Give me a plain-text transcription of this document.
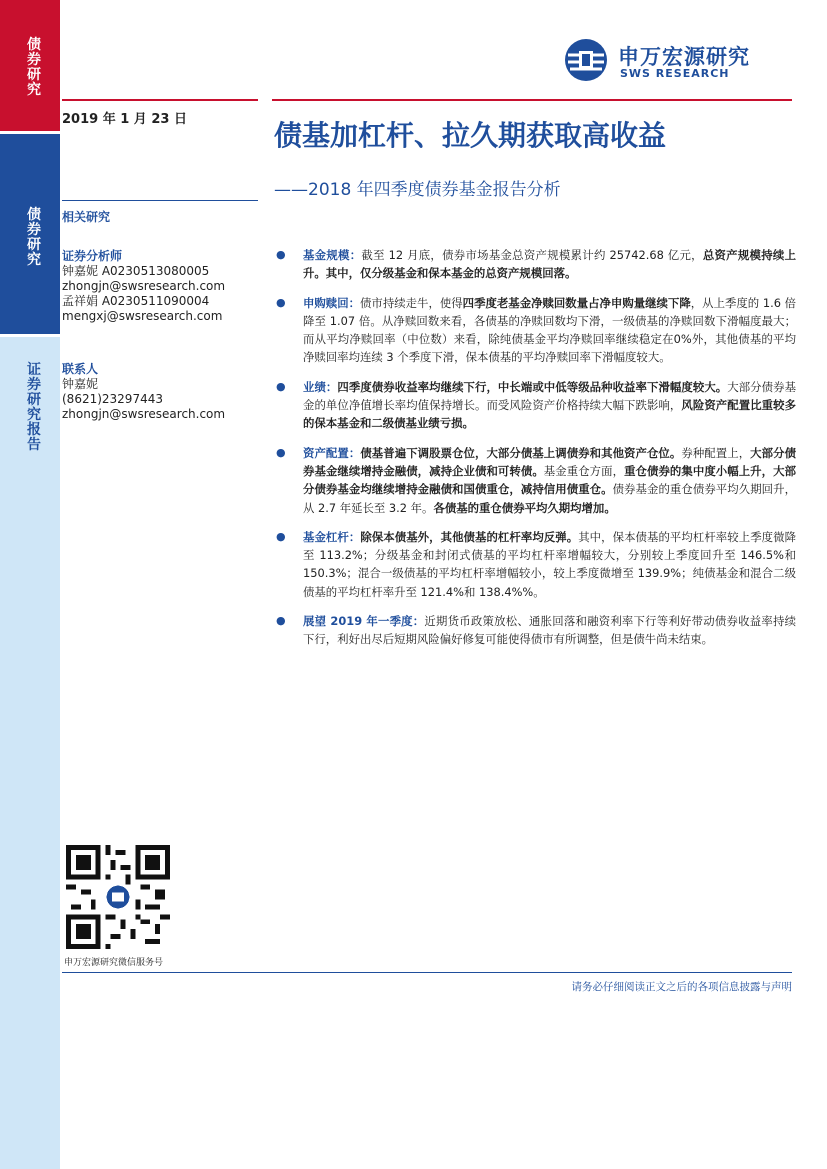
债券研究
债券研究
证券研究报告
申万宏源研究
SWS RESEARCH
2019 年 1 月 23 日	债基加杠杆、拉久期获取高收益
——2018 年四季度债券基金报告分析
相关研究
证券分析师
钟嘉妮 A0230513080005
zhongjn@swsresearch.com
孟祥娟 A0230511090004
mengxj@swsresearch.com
联系人
钟嘉妮
(8621)23297443
zhongjn@swsresearch.com
● 基金规模：截至 12 月底，债券市场基金总资产规模累计约 25742.68 亿元，总资产规模持续上升。其中，仅分级基金和保本基金的总资产规模回落。
● 申购赎回：债市持续走牛，使得四季度老基金净赎回数量占净申购量继续下降，从上季度的 1.6 倍降至 1.07 倍。从净赎回数来看，各债基的净赎回数均下滑，一级债基的净赎回数下滑幅度最大；而从平均净赎回率（中位数）来看，除纯债基金平均净赎回率继续稳定在0%外，其他债基的平均净赎回率均连续 3 个季度下滑，保本债基的平均净赎回率下滑幅度较大。
● 业绩：四季度债券收益率均继续下行，中长端或中低等级品种收益率下滑幅度较大。大部分债券基金的单位净值增长率均值保持增长。而受风险资产价格持续大幅下跌影响，风险资产配置比重较多的保本基金和二级债基业绩亏损。
● 资产配置：债基普遍下调股票仓位，大部分债基上调债券和其他资产仓位。券种配置上，大部分债券基金继续增持金融债，减持企业债和可转债。基金重仓方面，重仓债券的集中度小幅上升，大部分债券基金均继续增持金融债和国债重仓，减持信用债重仓。债券基金的重仓债券平均久期回升，从 2.7 年延长至 3.2 年。各债基的重仓债券平均久期均增加。
● 基金杠杆：除保本债基外，其他债基的杠杆率均反弹。其中，保本债基的平均杠杆率较上季度微降至 113.2%；分级基金和封闭式债基的平均杠杆率增幅较大，分别较上季度回升至 146.5%和 150.3%；混合一级债基的平均杠杆率增幅较小，较上季度微增至 139.9%；纯债基金和混合二级债基的平均杠杆率升至 121.4%和 138.4%%。
● 展望 2019 年一季度：近期货币政策放松、通胀回落和融资利率下行等利好带动债券收益率持续下行，利好出尽后短期风险偏好修复可能使得债市有所调整，但是债牛尚未结束。
申万宏源研究微信服务号
请务必仔细阅读正文之后的各项信息披露与声明
